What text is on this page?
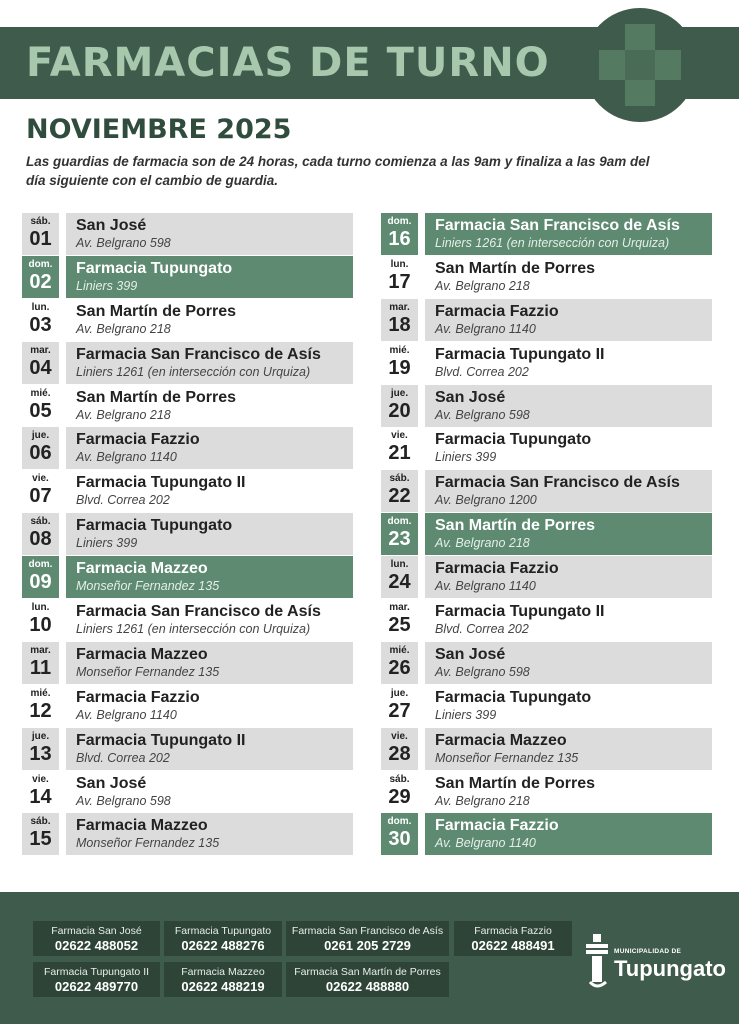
FARMACIAS DE TURNO
NOVIEMBRE 2025
Las guardias de farmacia son de 24 horas, cada turno comienza a las 9am y finaliza a las 9am del día siguiente con el cambio de guardia.
sáb.
01
San José
Av. Belgrano 598
dom.
02
Farmacia Tupungato
Liniers 399
lun.
03
San Martín de Porres
Av. Belgrano 218
mar.
04
Farmacia San Francisco de Asís
Liniers 1261 (en intersección con Urquiza)
mié.
05
San Martín de Porres
Av. Belgrano 218
jue.
06
Farmacia Fazzio
Av. Belgrano 1140
vie.
07
Farmacia Tupungato II
Blvd. Correa 202
sáb.
08
Farmacia Tupungato
Liniers 399
dom.
09
Farmacia Mazzeo
Monseñor Fernandez 135
lun.
10
Farmacia San Francisco de Asís
Liniers 1261 (en intersección con Urquiza)
mar.
11
Farmacia Mazzeo
Monseñor Fernandez 135
mié.
12
Farmacia Fazzio
Av. Belgrano 1140
jue.
13
Farmacia Tupungato II
Blvd. Correa 202
vie.
14
San José
Av. Belgrano 598
sáb.
15
Farmacia Mazzeo
Monseñor Fernandez 135
dom.
16
Farmacia San Francisco de Asís
Liniers 1261 (en intersección con Urquiza)
lun.
17
San Martín de Porres
Av. Belgrano 218
mar.
18
Farmacia Fazzio
Av. Belgrano 1140
mié.
19
Farmacia Tupungato II
Blvd. Correa 202
jue.
20
San José
Av. Belgrano 598
vie.
21
Farmacia Tupungato
Liniers 399
sáb.
22
Farmacia San Francisco de Asís
Av. Belgrano 1200
dom.
23
San Martín de Porres
Av. Belgrano 218
lun.
24
Farmacia Fazzio
Av. Belgrano 1140
mar.
25
Farmacia Tupungato II
Blvd. Correa 202
mié.
26
San José
Av. Belgrano 598
jue.
27
Farmacia Tupungato
Liniers 399
vie.
28
Farmacia Mazzeo
Monseñor Fernandez 135
sáb.
29
San Martín de Porres
Av. Belgrano 218
dom.
30
Farmacia Fazzio
Av. Belgrano 1140
Farmacia San José
02622 488052
Farmacia Tupungato
02622 488276
Farmacia San Francisco de Asís
0261 205 2729
Farmacia Fazzio
02622 488491
Farmacia Tupungato II
02622 489770
Farmacia Mazzeo
02622 488219
Farmacia San Martín de Porres
02622 488880
MUNICIPALIDAD DE
Tupungato
